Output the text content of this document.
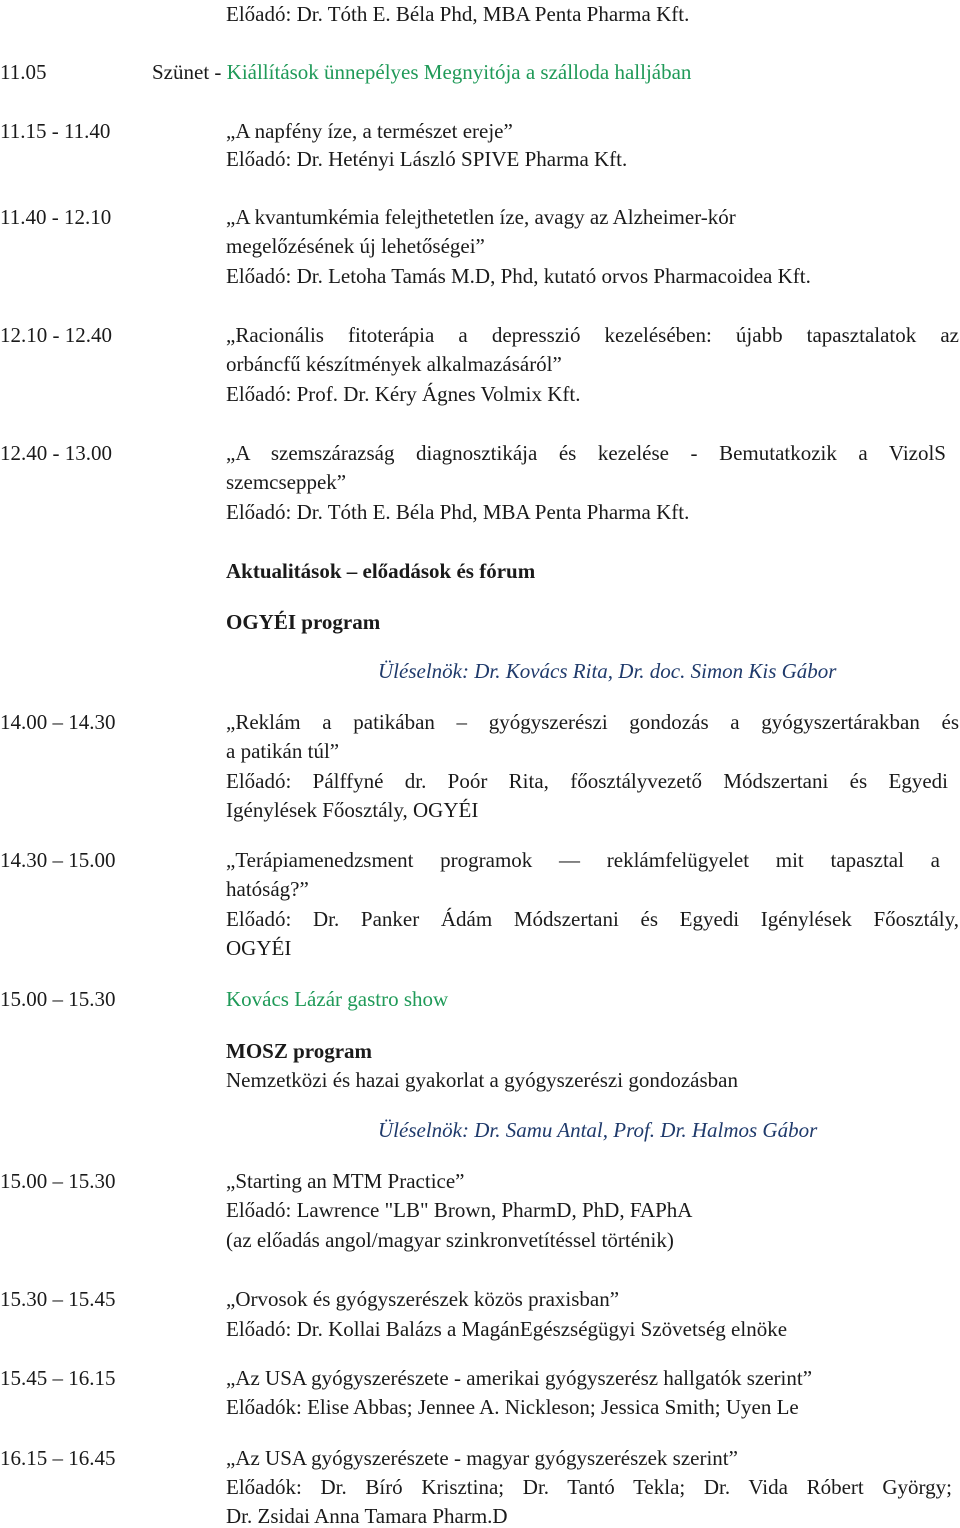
Előadó: Dr. Tóth E. Béla Phd, MBA Penta Pharma Kft.
11.05	Szünet - Kiállítások ünnepélyes Megnyitója a szálloda halljában
11.15 - 11.40	„A napfény íze, a természet ereje”
Előadó: Dr. Hetényi László SPIVE Pharma Kft.
11.40 - 12.10	„A kvantumkémia felejthetetlen íze, avagy az Alzheimer-kór
megelőzésének új lehetőségei”
Előadó: Dr. Letoha Tamás M.D, Phd, kutató orvos Pharmacoidea Kft.
12.10 - 12.40	„Racionális fitoterápia a depresszió kezelésében: újabb tapasztalatok az
orbáncfű készítmények alkalmazásáról”
Előadó: Prof. Dr. Kéry Ágnes Volmix Kft.
12.40 - 13.00	„A szemszárazság diagnosztikája és kezelése - Bemutatkozik a VizolS
szemcseppek”
Előadó: Dr. Tóth E. Béla Phd, MBA Penta Pharma Kft.
Aktualitások – előadások és fórum
OGYÉI program
Üléselnök: Dr. Kovács Rita, Dr. doc. Simon Kis Gábor
14.00 – 14.30	„Reklám a patikában – gyógyszerészi gondozás a gyógyszertárakban és
a patikán túl”
Előadó: Pálffyné dr. Poór Rita, főosztályvezető Módszertani és Egyedi
Igénylések Főosztály, OGYÉI
14.30 – 15.00	„Terápiamenedzsment programok –– reklámfelügyelet mit tapasztal a
hatóság?”
Előadó: Dr. Panker Ádám Módszertani és Egyedi Igénylések Főosztály,
OGYÉI
15.00 – 15.30	Kovács Lázár gastro show
MOSZ program
Nemzetközi és hazai gyakorlat a gyógyszerészi gondozásban
Üléselnök: Dr. Samu Antal, Prof. Dr. Halmos Gábor
15.00 – 15.30	„Starting an MTM Practice”
Előadó: Lawrence "LB" Brown, PharmD, PhD, FAPhA
(az előadás angol/magyar szinkronvetítéssel történik)
15.30 – 15.45	„Orvosok és gyógyszerészek közös praxisban”
Előadó: Dr. Kollai Balázs a MagánEgészségügyi Szövetség elnöke
15.45 – 16.15	„Az USA gyógyszerészete - amerikai gyógyszerész hallgatók szerint”
Előadók: Elise Abbas; Jennee A. Nickleson; Jessica Smith; Uyen Le
16.15 – 16.45	„Az USA gyógyszerészete - magyar gyógyszerészek szerint”
Előadók: Dr. Bíró Krisztina; Dr. Tantó Tekla; Dr. Vida Róbert György;
Dr. Zsidai Anna Tamara Pharm.D
